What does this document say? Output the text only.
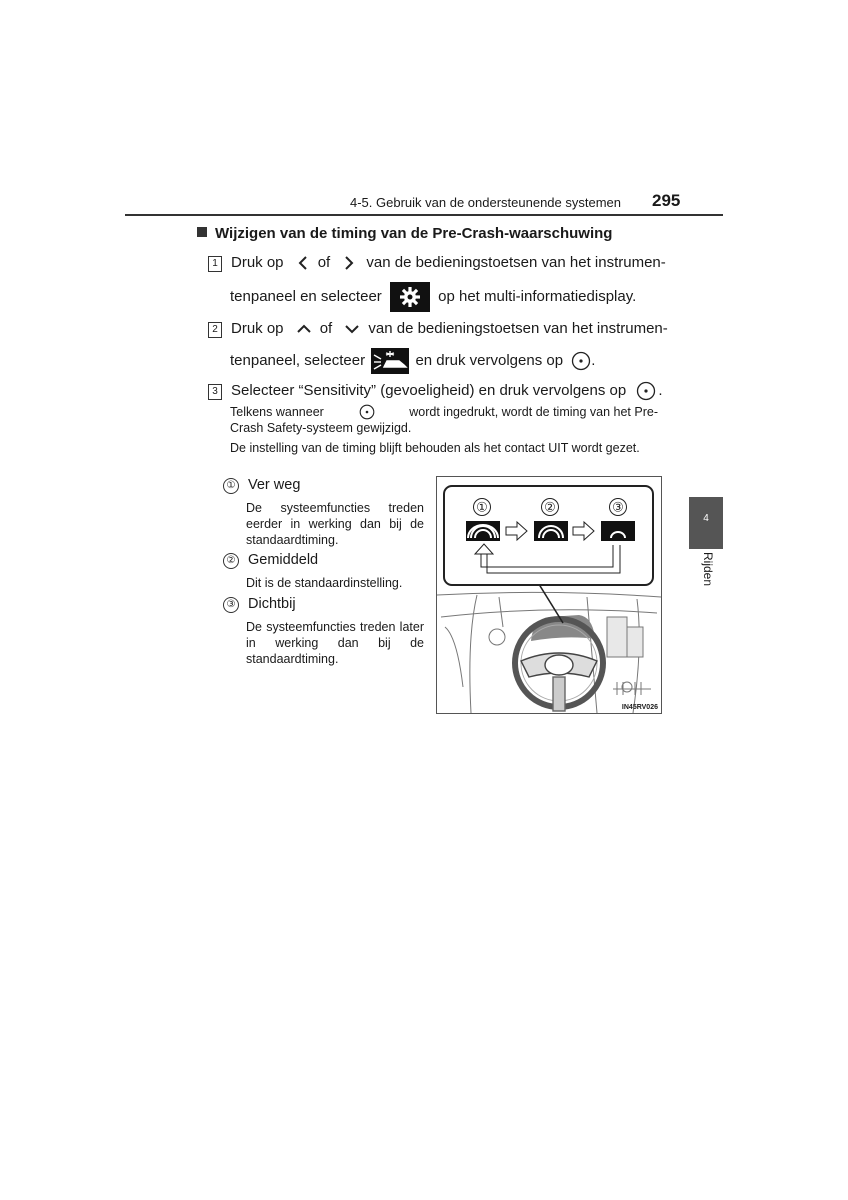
4-5. Gebruik van de ondersteunende systemen 295
Wijzigen van de timing van de Pre-Crash-waarschuwing
1 Druk op of van de bedieningstoetsen van het instrumen-
tenpaneel en selecteer	op het multi-informatiedisplay.
2 Druk op of van de bedieningstoetsen van het instrumen-
tenpaneel, selecteer	en druk vervolgens op .
3 Selecteer “Sensitivity” (gevoeligheid) en druk vervolgens op .
Telkens wanneer	wordt ingedrukt, wordt de timing van het Pre-
Crash Safety-systeem gewijzigd.
De instelling van de timing blijft behouden als het contact UIT wordt gezet.
① Ver weg
De systeemfuncties treden eerder in werking dan bij de standaardtiming.
② Gemiddeld
Dit is de standaardinstelling.
③ Dichtbij
De systeemfuncties treden later in werking dan bij de standaardtiming.
①	②	③
IN45RV026
4
Rijden
